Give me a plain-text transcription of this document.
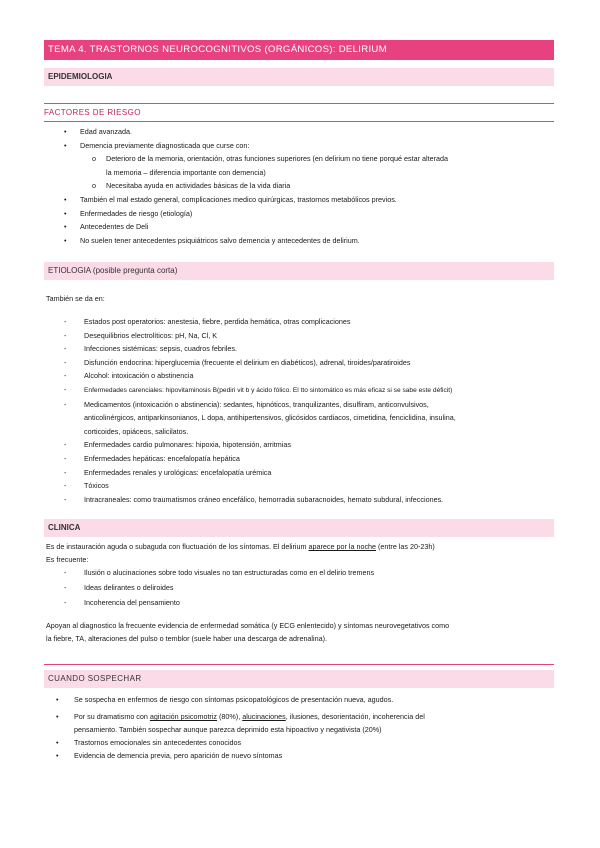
TEMA 4. TRASTORNOS NEUROCOGNITIVOS (ORGÁNICOS): DELIRIUM
EPIDEMIOLOGIA
FACTORES DE RIESGO
• Edad avanzada.
• Demencia previamente diagnosticada que curse con:
o Deterioro de la memoria, orientación, otras funciones superiores (en delirium no tiene porqué estar alterada
la memoria – diferencia importante con demencia)
o Necesitaba ayuda en actividades básicas de la vida diaria
• También el mal estado general, complicaciones medico quirúrgicas, trastornos metabólicos previos.
• Enfermedades de riesgo (etiología)
• Antecedentes de Deli
• No suelen tener antecedentes psiquiátricos salvo demencia y antecedentes de delirium.
ETIOLOGIA (posible pregunta corta)
También se da en:
- Estados post operatorios: anestesia, fiebre, perdida hemática, otras complicaciones
- Desequilibrios electrolíticos: pH, Na, Cl, K
- Infecciones sistémicas: sepsis, cuadros febriles.
- Disfunción endocrina: hiperglucemia (frecuente el delirium en diabéticos), adrenal, tiroides/paratiroides
- Alcohol: intoxicación o abstinencia
-	Enfermedades carenciales: hipovitaminosis B(pediri vit b y ácido fólico. El tto sintomático es más eficaz si se sabe este déficit)
- Medicamentos (intoxicación o abstinencia): sedantes, hipnóticos, tranquilizantes, disulfiram, anticonvulsivos,
anticolinérgicos, antiparkinsonianos, L dopa, antihipertensivos, glicósidos cardiacos, cimetidina, fenciclidina, insulina,
corticoides, opiáceos, salicilatos.
- Enfermedades cardio pulmonares: hipoxia, hipotensión, arritmias
- Enfermedades hepáticas: encefalopatía hepática
- Enfermedades renales y urológicas: encefalopatía urémica
- Tóxicos
- Intracraneales: como traumatismos cráneo encefálico, hemorradia subaracnoides, hemato subdural, infecciones.
CLINICA
Es de instauración aguda o subaguda con fluctuación de los síntomas. El delirium aparece por la noche (entre las 20-23h)
Es frecuente:
- Ilusión o alucinaciones sobre todo visuales no tan estructuradas como en el delirio tremens
- Ideas delirantes o deliroides
- Incoherencia del pensamiento
Apoyan al diagnostico la frecuente evidencia de enfermedad somática (y ECG enlentecido) y síntomas neurovegetativos como
la fiebre, TA, alteraciones del pulso o temblor (suele haber una descarga de adrenalina).
CUANDO SOSPECHAR
• Se sospecha en enfermos de riesgo con síntomas psicopatológicos de presentación nueva, agudos.
• Por su dramatismo con agitación psicomotriz (80%), alucinaciones, ilusiones, desorientación, incoherencia del
pensamiento. También sospechar aunque parezca deprimido esta hipoactivo y negativista (20%)
• Trastornos emocionales sin antecedentes conocidos
• Evidencia de demencia previa, pero aparición de nuevo síntomas
